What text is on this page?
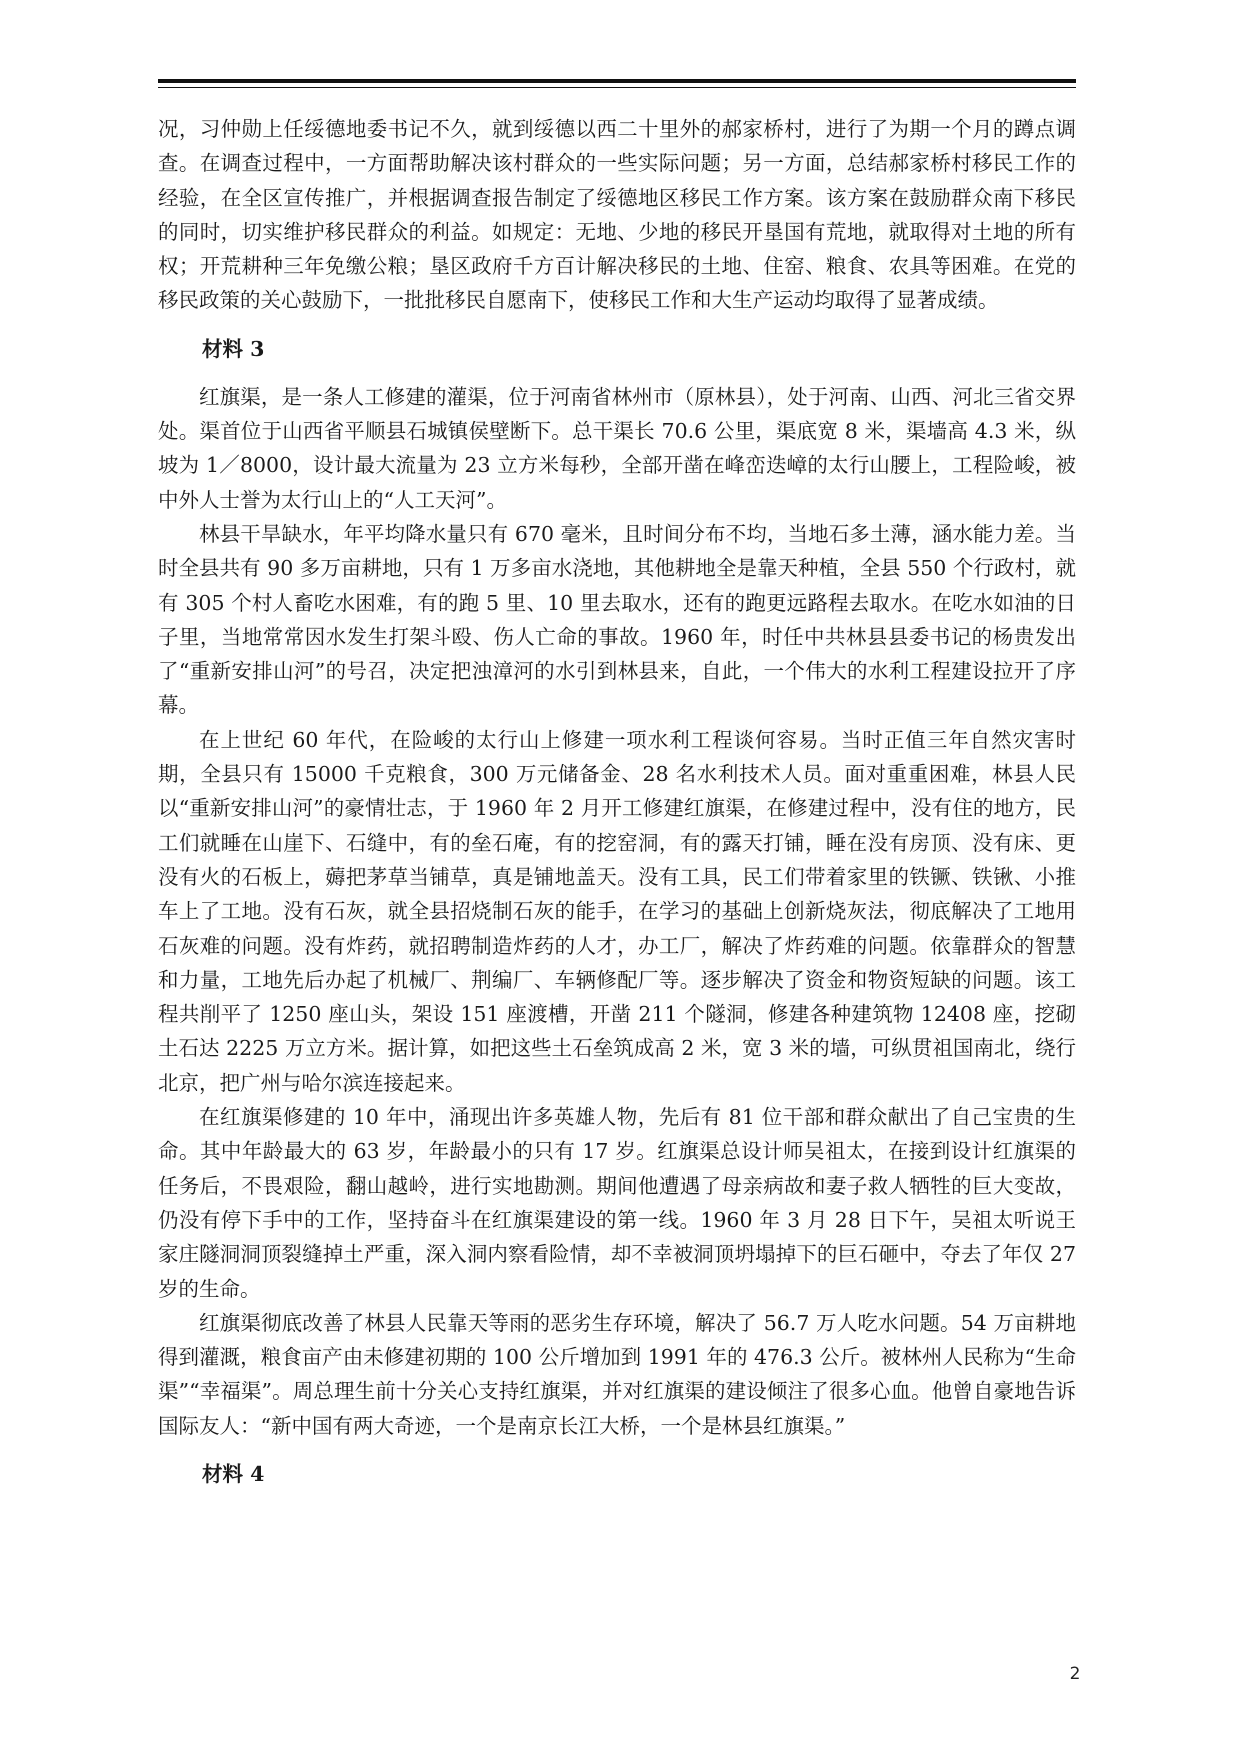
况，习仲勋上任绥德地委书记不久，就到绥德以西二十里外的郝家桥村，进行了为期一个月的蹲点调查。在调查过程中，一方面帮助解决该村群众的一些实际问题；另一方面，总结郝家桥村移民工作的经验，在全区宣传推广，并根据调查报告制定了绥德地区移民工作方案。该方案在鼓励群众南下移民的同时，切实维护移民群众的利益。如规定：无地、少地的移民开垦国有荒地，就取得对土地的所有权；开荒耕种三年免缴公粮；垦区政府千方百计解决移民的土地、住窑、粮食、农具等困难。在党的移民政策的关心鼓励下，一批批移民自愿南下，使移民工作和大生产运动均取得了显著成绩。

材料 3

红旗渠，是一条人工修建的灌渠，位于河南省林州市（原林县），处于河南、山西、河北三省交界处。渠首位于山西省平顺县石城镇侯壁断下。总干渠长 70.6 公里，渠底宽 8 米，渠墙高 4.3 米，纵坡为 1／8000，设计最大流量为 23 立方米每秒，全部开凿在峰峦迭嶂的太行山腰上，工程险峻，被中外人士誉为太行山上的“人工天河”。

林县干旱缺水，年平均降水量只有 670 毫米，且时间分布不均，当地石多土薄，涵水能力差。当时全县共有 90 多万亩耕地，只有 1 万多亩水浇地，其他耕地全是靠天种植，全县 550 个行政村，就有 305 个村人畜吃水困难，有的跑 5 里、10 里去取水，还有的跑更远路程去取水。在吃水如油的日子里，当地常常因水发生打架斗殴、伤人亡命的事故。1960 年，时任中共林县县委书记的杨贵发出了“重新安排山河”的号召，决定把浊漳河的水引到林县来，自此，一个伟大的水利工程建设拉开了序幕。

在上世纪 60 年代，在险峻的太行山上修建一项水利工程谈何容易。当时正值三年自然灾害时期，全县只有 15000 千克粮食，300 万元储备金、28 名水利技术人员。面对重重困难，林县人民以“重新安排山河”的豪情壮志，于 1960 年 2 月开工修建红旗渠，在修建过程中，没有住的地方，民工们就睡在山崖下、石缝中，有的垒石庵，有的挖窑洞，有的露天打铺，睡在没有房顶、没有床、更没有火的石板上，薅把茅草当铺草，真是铺地盖天。没有工具，民工们带着家里的铁镢、铁锹、小推车上了工地。没有石灰，就全县招烧制石灰的能手，在学习的基础上创新烧灰法，彻底解决了工地用石灰难的问题。没有炸药，就招聘制造炸药的人才，办工厂，解决了炸药难的问题。依靠群众的智慧和力量，工地先后办起了机械厂、荆编厂、车辆修配厂等。逐步解决了资金和物资短缺的问题。该工程共削平了 1250 座山头，架设 151 座渡槽，开凿 211 个隧洞，修建各种建筑物 12408 座，挖砌土石达 2225 万立方米。据计算，如把这些土石垒筑成高 2 米，宽 3 米的墙，可纵贯祖国南北，绕行北京，把广州与哈尔滨连接起来。

在红旗渠修建的 10 年中，涌现出许多英雄人物，先后有 81 位干部和群众献出了自己宝贵的生命。其中年龄最大的 63 岁，年龄最小的只有 17 岁。红旗渠总设计师吴祖太，在接到设计红旗渠的任务后，不畏艰险，翻山越岭，进行实地勘测。期间他遭遇了母亲病故和妻子救人牺牲的巨大变故，仍没有停下手中的工作，坚持奋斗在红旗渠建设的第一线。1960 年 3 月 28 日下午，吴祖太听说王家庄隧洞洞顶裂缝掉土严重，深入洞内察看险情，却不幸被洞顶坍塌掉下的巨石砸中，夺去了年仅 27 岁的生命。

红旗渠彻底改善了林县人民靠天等雨的恶劣生存环境，解决了 56.7 万人吃水问题。54 万亩耕地得到灌溉，粮食亩产由未修建初期的 100 公斤增加到 1991 年的 476.3 公斤。被林州人民称为“生命渠”“幸福渠”。周总理生前十分关心支持红旗渠，并对红旗渠的建设倾注了很多心血。他曾自豪地告诉国际友人：“新中国有两大奇迹，一个是南京长江大桥，一个是林县红旗渠。”

材料 4
2
